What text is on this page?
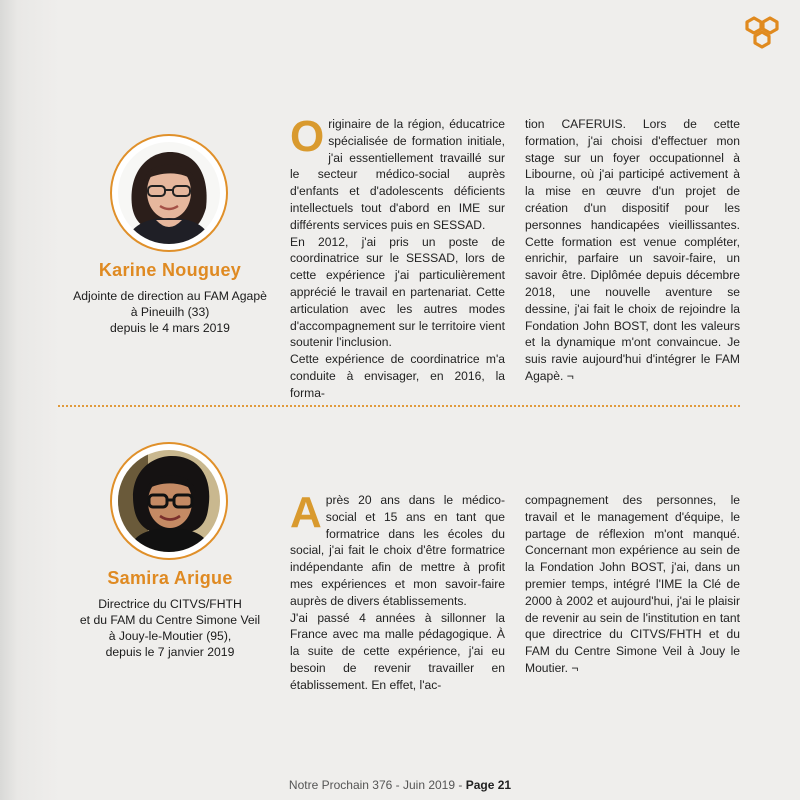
Karine Nouguey
Adjointe de direction au FAM Agapè
à Pineuilh (33)
depuis le 4 mars 2019
O riginaire de la région, éducatrice spécialisée de formation initiale, j'ai essentiellement travaillé sur le secteur médico-social auprès d'enfants et d'adolescents déficients intellectuels tout d'abord en IME sur différents services puis en SESSAD.

En 2012, j'ai pris un poste de coordinatrice sur le SESSAD, lors de cette expérience j'ai particulièrement apprécié le travail en partenariat. Cette articulation avec les autres modes d'accompagnement sur le territoire vient soutenir l'inclusion.

Cette expérience de coordinatrice m'a conduite à envisager, en 2016, la forma-

tion CAFERUIS. Lors de cette formation, j'ai choisi d'effectuer mon stage sur un foyer occupationnel à Libourne, où j'ai participé activement à la mise en œuvre d'un projet de création d'un dispositif pour les personnes handicapées vieillissantes. Cette formation est venue compléter, enrichir, parfaire un savoir-faire, un savoir être. Diplômée depuis décembre 2018, une nouvelle aventure se dessine, j'ai fait le choix de rejoindre la Fondation John BOST, dont les valeurs et la dynamique m'ont convaincue. Je suis ravie aujourd'hui d'intégrer le FAM Agapè. ¬

Samira Arigue
Directrice du CITVS/FHTH
et du FAM du Centre Simone Veil
à Jouy-le-Moutier (95),
depuis le 7 janvier 2019
A près 20 ans dans le médico-social et 15 ans en tant que formatrice dans les écoles du social, j'ai fait le choix d'être formatrice indépendante afin de mettre à profit mes expériences et mon savoir-faire auprès de divers établissements.

J'ai passé 4 années à sillonner la France avec ma malle pédagogique. À la suite de cette expérience, j'ai eu besoin de revenir travailler en établissement. En effet, l'ac-

compagnement des personnes, le travail et le management d'équipe, le partage de réflexion m'ont manqué. Concernant mon expérience au sein de la Fondation John BOST, j'ai, dans un premier temps, intégré l'IME la Clé de 2000 à 2002 et aujourd'hui, j'ai le plaisir de revenir au sein de l'institution en tant que directrice du CITVS/FHTH et du FAM du Centre Simone Veil à Jouy le Moutier. ¬

Notre Prochain 376 - Juin 2019 - Page 21
